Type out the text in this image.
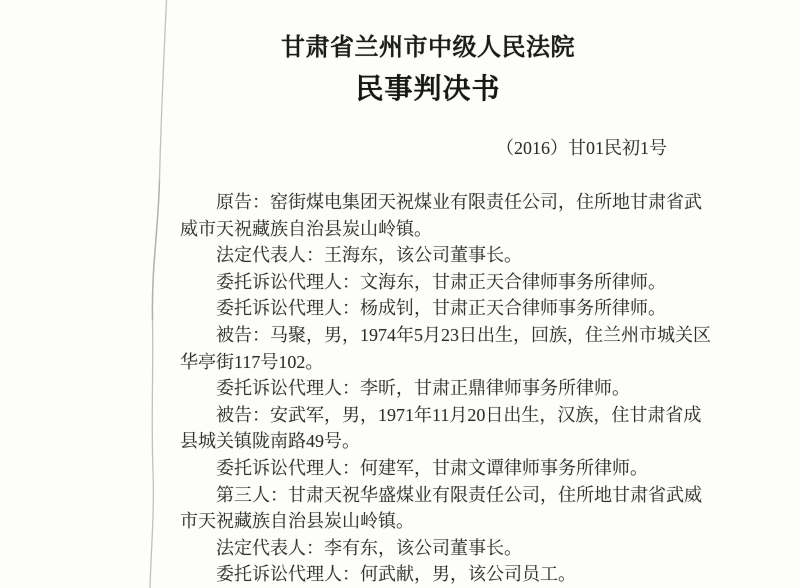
甘肃省兰州市中级人民法院
民事判决书
（2016）甘01民初1号

原告：窑街煤电集团天祝煤业有限责任公司，住所地甘肃省武威市天祝藏族自治县炭山岭镇。

法定代表人：王海东，该公司董事长。

委托诉讼代理人：文海东，甘肃正天合律师事务所律师。

委托诉讼代理人：杨成钊，甘肃正天合律师事务所律师。

被告：马聚，男，1974年5月23日出生，回族，住兰州市城关区华亭街117号102。

委托诉讼代理人：李昕，甘肃正鼎律师事务所律师。

被告：安武军，男，1971年11月20日出生，汉族，住甘肃省成县城关镇陇南路49号。

委托诉讼代理人：何建军，甘肃文谭律师事务所律师。

第三人：甘肃天祝华盛煤业有限责任公司，住所地甘肃省武威市天祝藏族自治县炭山岭镇。

法定代表人：李有东，该公司董事长。

委托诉讼代理人：何武献，男，该公司员工。
